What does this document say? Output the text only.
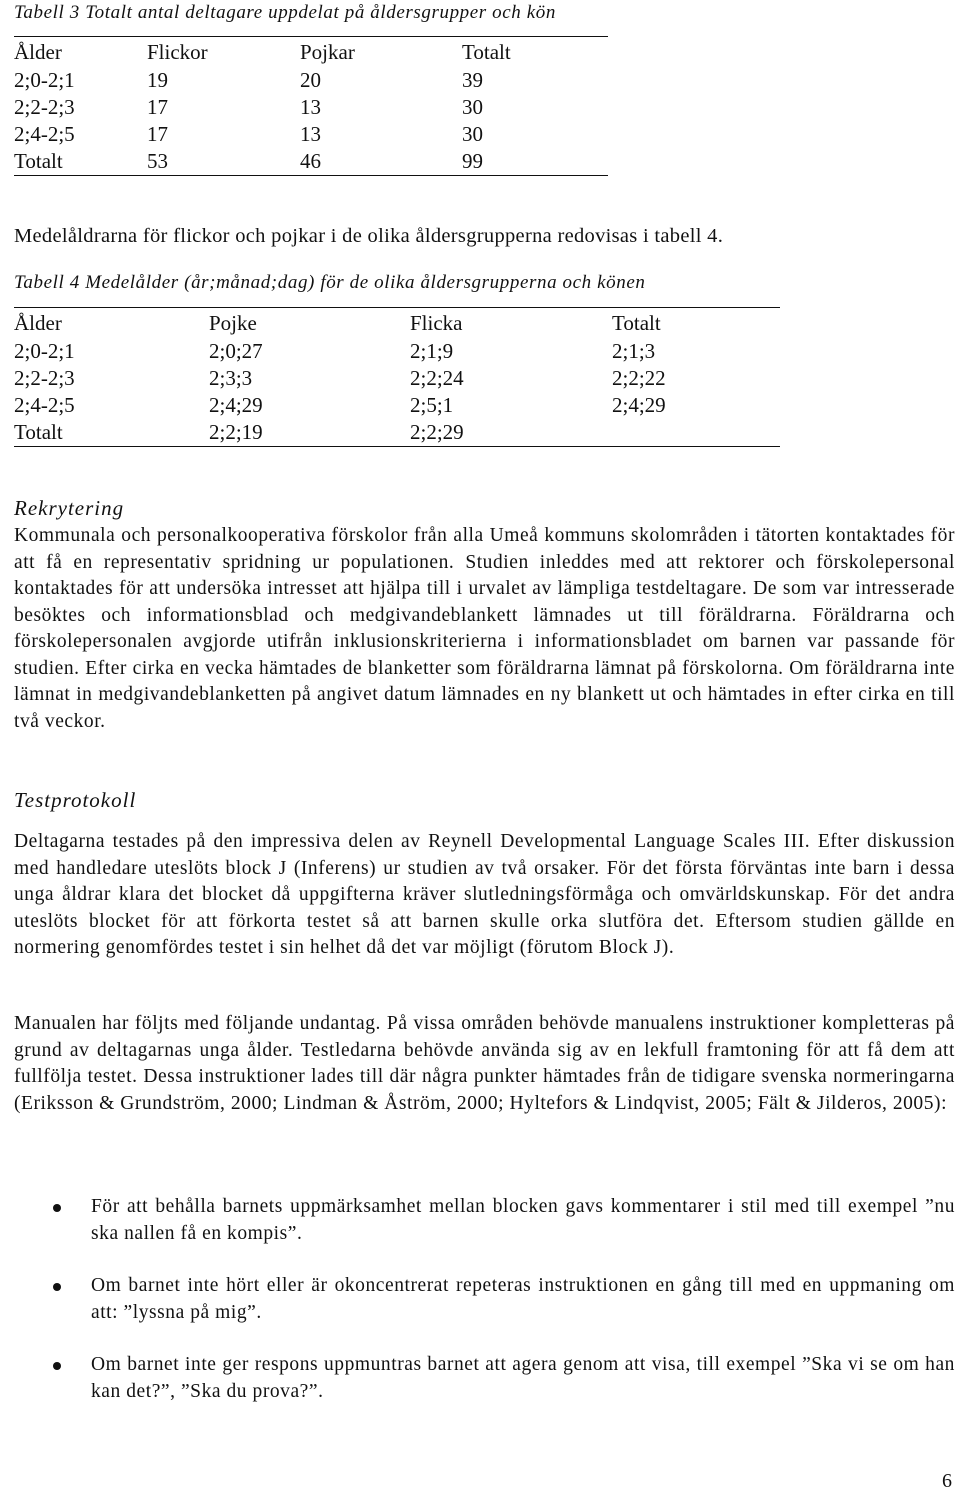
Tabell 3 Totalt antal deltagare uppdelat på åldersgrupper och kön
Ålder	Flickor	Pojkar	Totalt
2;0-2;1	19	20	39
2;2-2;3	17	13	30
2;4-2;5	17	13	30
Totalt	53	46	99
Medelåldrarna för flickor och pojkar i de olika åldersgrupperna redovisas i tabell 4.
Tabell 4 Medelålder (år;månad;dag) för de olika åldersgrupperna och könen
Ålder	Pojke	Flicka	Totalt
2;0-2;1	2;0;27	2;1;9	2;1;3
2;2-2;3	2;3;3	2;2;24	2;2;22
2;4-2;5	2;4;29	2;5;1	2;4;29
Totalt	2;2;19	2;2;29
Rekrytering
Kommunala och personalkooperativa förskolor från alla Umeå kommuns skolområden i tätorten kontaktades för att få en representativ spridning ur populationen. Studien inleddes med att rektorer och förskolepersonal kontaktades för att undersöka intresset att hjälpa till i urvalet av lämpliga testdeltagare. De som var intresserade besöktes och informationsblad och medgivandeblankett lämnades ut till föräldrarna. Föräldrarna och förskolepersonalen avgjorde utifrån inklusionskriterierna i informationsbladet om barnen var passande för studien. Efter cirka en vecka hämtades de blanketter som föräldrarna lämnat på förskolorna. Om föräldrarna inte lämnat in medgivandeblanketten på angivet datum lämnades en ny blankett ut och hämtades in efter cirka en till två veckor.
Testprotokoll
Deltagarna testades på den impressiva delen av Reynell Developmental Language Scales III. Efter diskussion med handledare uteslöts block J (Inferens) ur studien av två orsaker. För det första förväntas inte barn i dessa unga åldrar klara det blocket då uppgifterna kräver slutledningsförmåga och omvärldskunskap. För det andra uteslöts blocket för att förkorta testet så att barnen skulle orka slutföra det. Eftersom studien gällde en normering genomfördes testet i sin helhet då det var möjligt (förutom Block J).
Manualen har följts med följande undantag. På vissa områden behövde manualens instruktioner kompletteras på grund av deltagarnas unga ålder. Testledarna behövde använda sig av en lekfull framtoning för att få dem att fullfölja testet. Dessa instruktioner lades till där några punkter hämtades från de tidigare svenska normeringarna (Eriksson & Grundström, 2000; Lindman & Åström, 2000; Hyltefors & Lindqvist, 2005; Fält & Jilderos, 2005):
För att behålla barnets uppmärksamhet mellan blocken gavs kommentarer i stil med till exempel ”nu ska nallen få en kompis”.
Om barnet inte hört eller är okoncentrerat repeteras instruktionen en gång till med en uppmaning om att: ”lyssna på mig”.
Om barnet inte ger respons uppmuntras barnet att agera genom att visa, till exempel ”Ska vi se om han kan det?”, ”Ska du prova?”.
6
